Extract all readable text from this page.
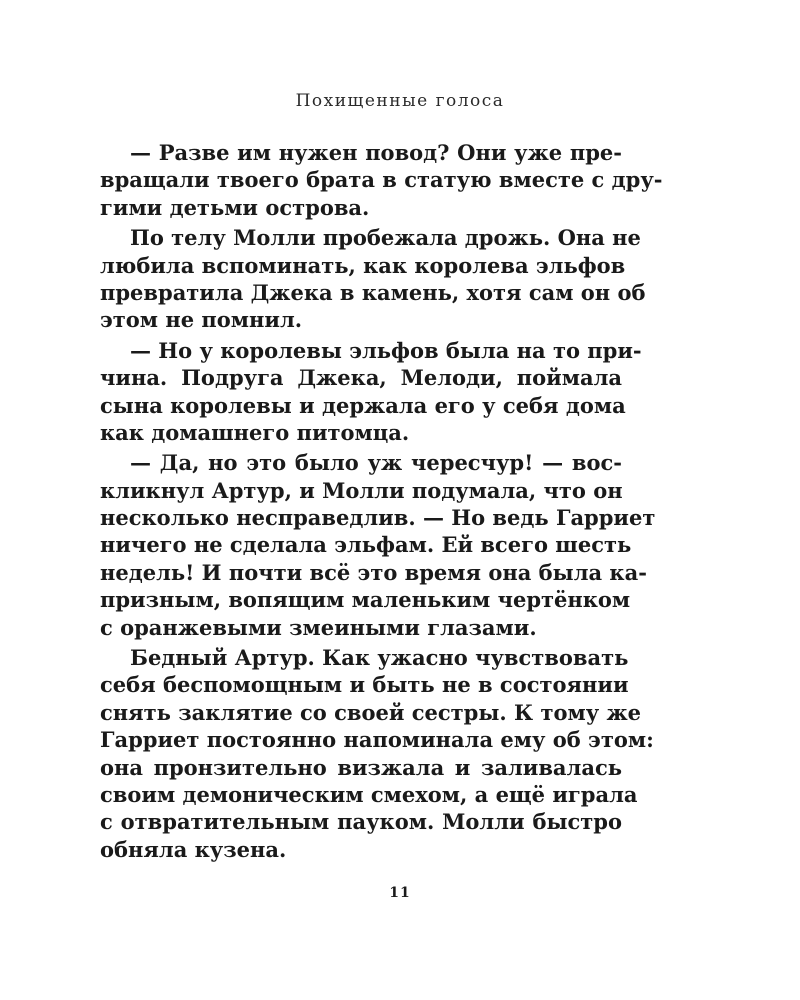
Похищенные голоса

— Разве им нужен повод? Они уже пре-
вращали твоего брата в статую вместе с дру-
гими детьми острова.

По телу Молли пробежала дрожь. Она не
любила вспоминать, как королева эльфов
превратила Джека в камень, хотя сам он об
этом не помнил.

— Но у королевы эльфов была на то при-
чина. Подруга Джека, Мелоди, поймала
сына королевы и держала его у себя дома
как домашнего питомца.

— Да, но это было уж чересчур! — вос-
кликнул Артур, и Молли подумала, что он
несколько несправедлив. — Но ведь Гарриет
ничего не сделала эльфам. Ей всего шесть
недель! И почти всё это время она была ка-
призным, вопящим маленьким чертёнком
с оранжевыми змеиными глазами.

Бедный Артур. Как ужасно чувствовать
себя беспомощным и быть не в состоянии
снять заклятие со своей сестры. К тому же
Гарриет постоянно напоминала ему об этом:
она пронзительно визжала и заливалась
своим демоническим смехом, а ещё играла
с отвратительным пауком. Молли быстро
обняла кузена.

11
